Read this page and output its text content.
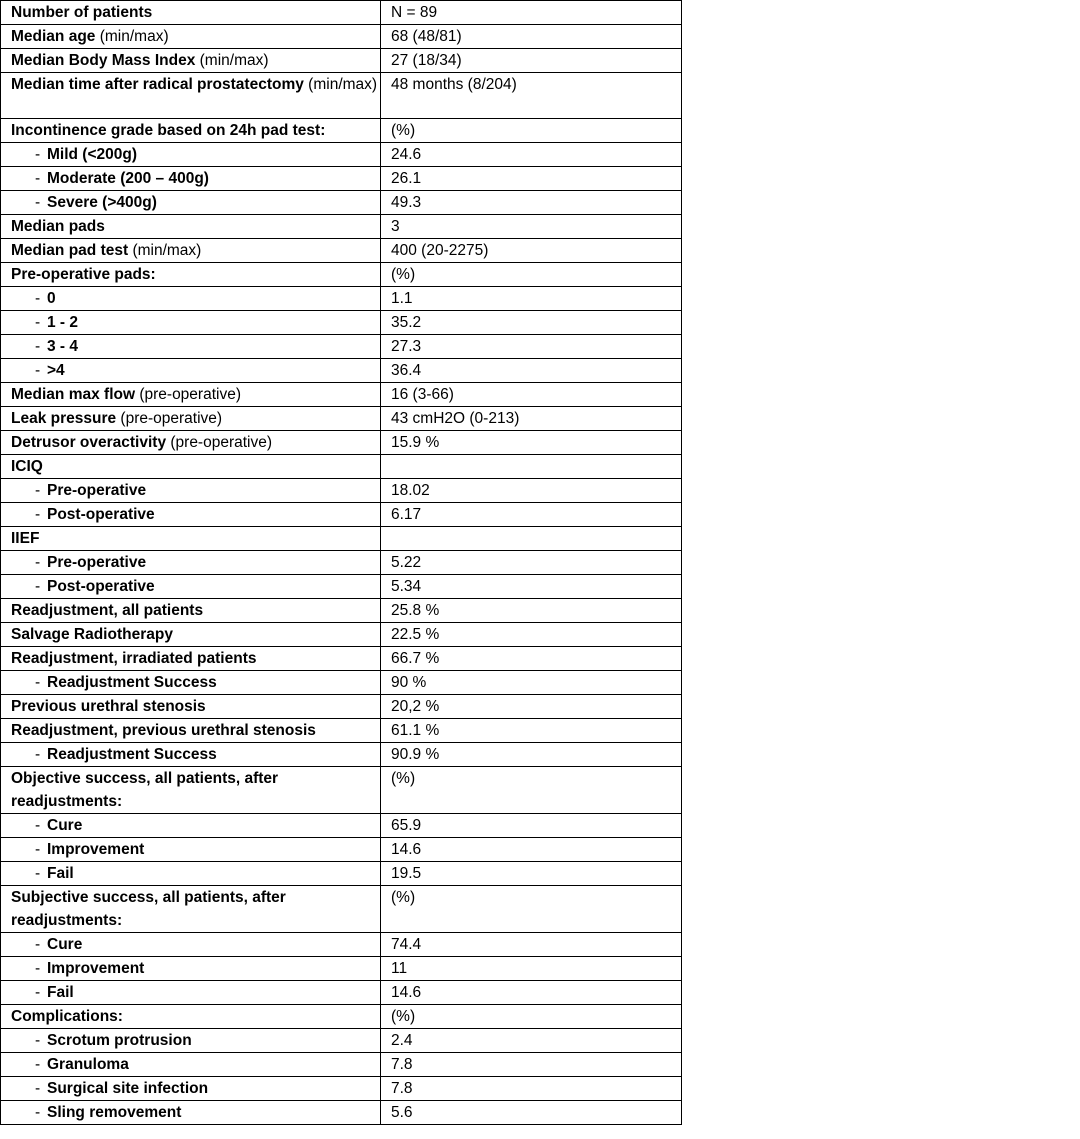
Number of patients	N = 89
Median age (min/max)	68 (48/81)
Median Body Mass Index (min/max)	27 (18/34)
Median time after radical prostatectomy (min/max)	48 months (8/204)
Incontinence grade based on 24h pad test:	(%)
- Mild (<200g)	24.6
- Moderate (200 – 400g)	26.1
- Severe (>400g)	49.3
Median pads	3
Median pad test (min/max)	400 (20-2275)
Pre-operative pads:	(%)
- 0	1.1
- 1 - 2	35.2
- 3 - 4	27.3
- >4	36.4
Median max flow (pre-operative)	16 (3-66)
Leak pressure (pre-operative)	43 cmH2O (0-213)
Detrusor overactivity (pre-operative)	15.9 %
ICIQ	
- Pre-operative	18.02
- Post-operative	6.17
IIEF	
- Pre-operative	5.22
- Post-operative	5.34
Readjustment, all patients	25.8 %
Salvage Radiotherapy	22.5 %
Readjustment, irradiated patients	66.7 %
- Readjustment Success	90 %
Previous urethral stenosis	20,2 %
Readjustment, previous urethral stenosis	61.1 %
- Readjustment Success	90.9 %
Objective success, all patients, after readjustments:	(%)
- Cure	65.9
- Improvement	14.6
- Fail	19.5
Subjective success, all patients, after readjustments:	(%)
- Cure	74.4
- Improvement	11
- Fail	14.6
Complications:	(%)
- Scrotum protrusion	2.4
- Granuloma	7.8
- Surgical site infection	7.8
- Sling removement	5.6
